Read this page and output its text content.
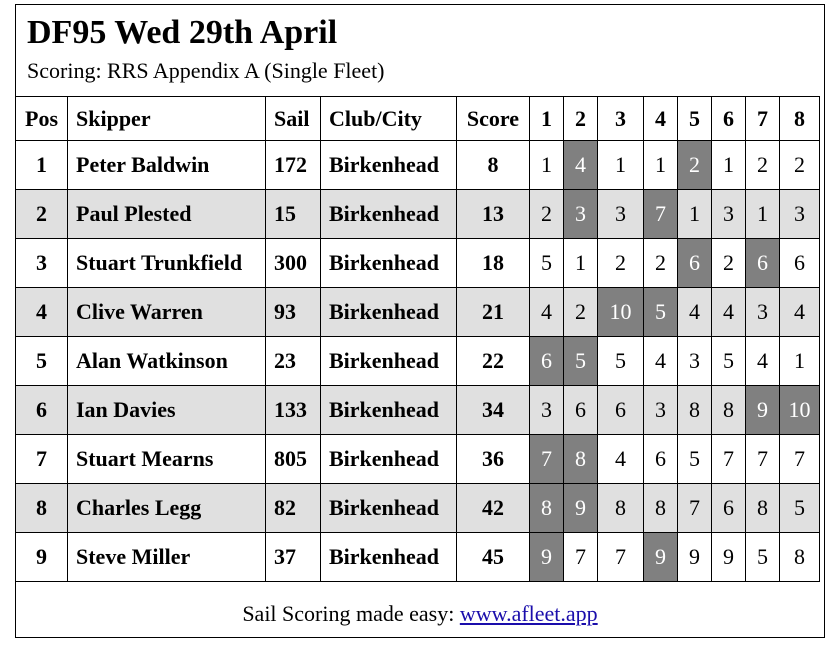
DF95 Wed 29th April
Scoring: RRS Appendix A (Single Fleet)
Pos	Skipper	Sail	Club/City	Score	1	2	3	4	5	6	7	8
1	Peter Baldwin	172	Birkenhead	8	1	4	1	1	2	1	2	2
2	Paul Plested	15	Birkenhead	13	2	3	3	7	1	3	1	3
3	Stuart Trunkfield	300	Birkenhead	18	5	1	2	2	6	2	6	6
4	Clive Warren	93	Birkenhead	21	4	2	10	5	4	4	3	4
5	Alan Watkinson	23	Birkenhead	22	6	5	5	4	3	5	4	1
6	Ian Davies	133	Birkenhead	34	3	6	6	3	8	8	9	10
7	Stuart Mearns	805	Birkenhead	36	7	8	4	6	5	7	7	7
8	Charles Legg	82	Birkenhead	42	8	9	8	8	7	6	8	5
9	Steve Miller	37	Birkenhead	45	9	7	7	9	9	9	5	8
Sail Scoring made easy: www.afleet.app
